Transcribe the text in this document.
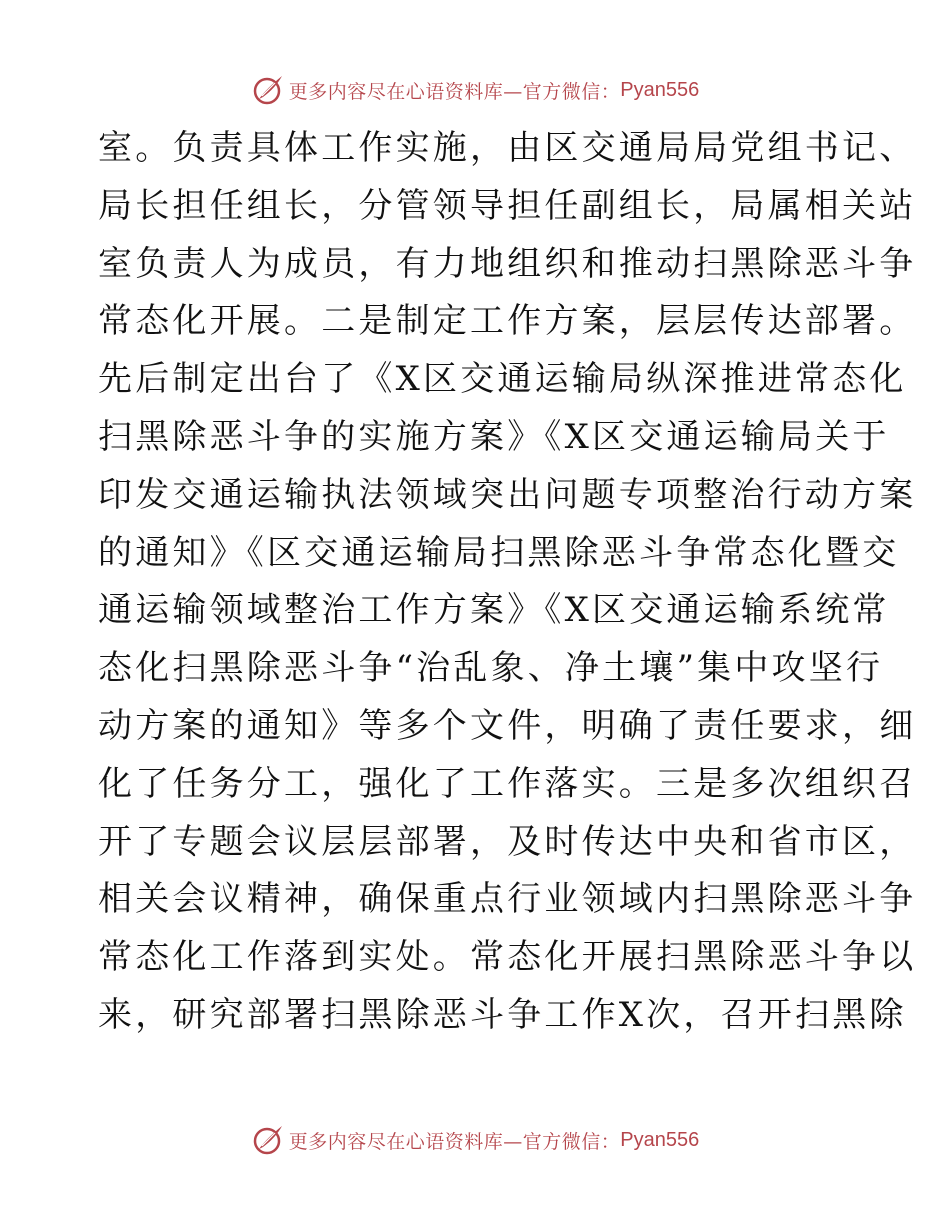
更多内容尽在心语资料库— 官方微信： Pyan556
室。负责具体工作实施，由区交通局局党组书记、
局长担任组长，分管领导担任副组长，局属相关站
室负责人为成员，有力地组织和推动扫黑除恶斗争
常态化开展。二是制定工作方案，层层传达部署。
先后制定出台了《X区交通运输局纵深推进常态化
扫黑除恶斗争的实施方案》《X区交通运输局关于
印发交通运输执法领域突出问题专项整治行动方案
的通知》《区交通运输局扫黑除恶斗争常态化暨交
通运输领域整治工作方案》《X区交通运输系统常
态化扫黑除恶斗争“治乱象、净土壤”集中攻坚行
动方案的通知》等多个文件，明确了责任要求，细
化了任务分工，强化了工作落实。三是多次组织召
开了专题会议层层部署，及时传达中央和省市区，
相关会议精神，确保重点行业领域内扫黑除恶斗争
常态化工作落到实处。常态化开展扫黑除恶斗争以
来，研究部署扫黑除恶斗争工作X次，召开扫黑除
更多内容尽在心语资料库— 官方微信： Pyan556
